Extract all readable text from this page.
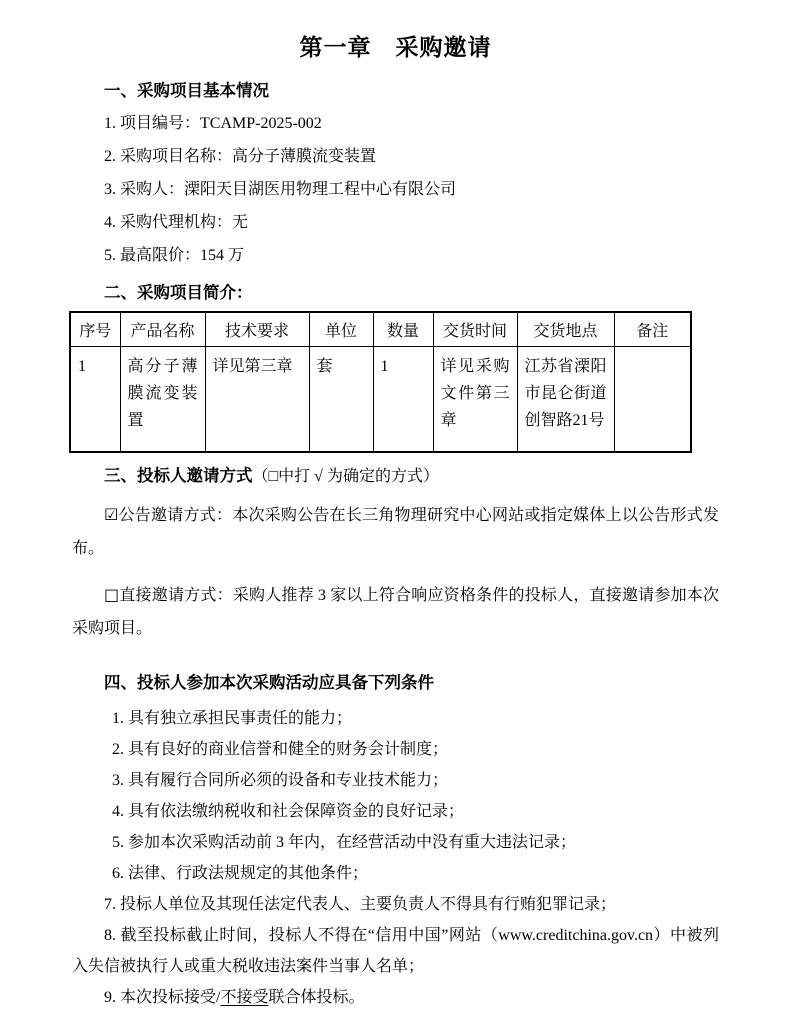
第一章　采购邀请
一、采购项目基本情况

1. 项目编号：TCAMP-2025-002

2. 采购项目名称：高分子薄膜流变装置

3. 采购人：溧阳天目湖医用物理工程中心有限公司

4. 采购代理机构：无

5. 最高限价：154 万

二、采购项目简介：
序号	产品名称	技术要求	单位	数量	交货时间	交货地点	备注
1	高分子薄膜流变装置	详见第三章	套	1	详见采购文件第三章	江苏省溧阳市昆仑街道创智路21号	
三、投标人邀请方式（□中打 √ 为确定的方式）

☑公告邀请方式：本次采购公告在长三角物理研究中心网站或指定媒体上以公告形式发布。

□直接邀请方式：采购人推荐 3 家以上符合响应资格条件的投标人，直接邀请参加本次采购项目。

四、投标人参加本次采购活动应具备下列条件

1. 具有独立承担民事责任的能力；

2. 具有良好的商业信誉和健全的财务会计制度；

3. 具有履行合同所必须的设备和专业技术能力；

4. 具有依法缴纳税收和社会保障资金的良好记录；

5. 参加本次采购活动前 3 年内，在经营活动中没有重大违法记录；

6. 法律、行政法规规定的其他条件；

7. 投标人单位及其现任法定代表人、主要负责人不得具有行贿犯罪记录；

8. 截至投标截止时间，投标人不得在“信用中国”网站（www.creditchina.gov.cn）中被列入失信被执行人或重大税收违法案件当事人名单；

9. 本次投标接受/不接受联合体投标。
